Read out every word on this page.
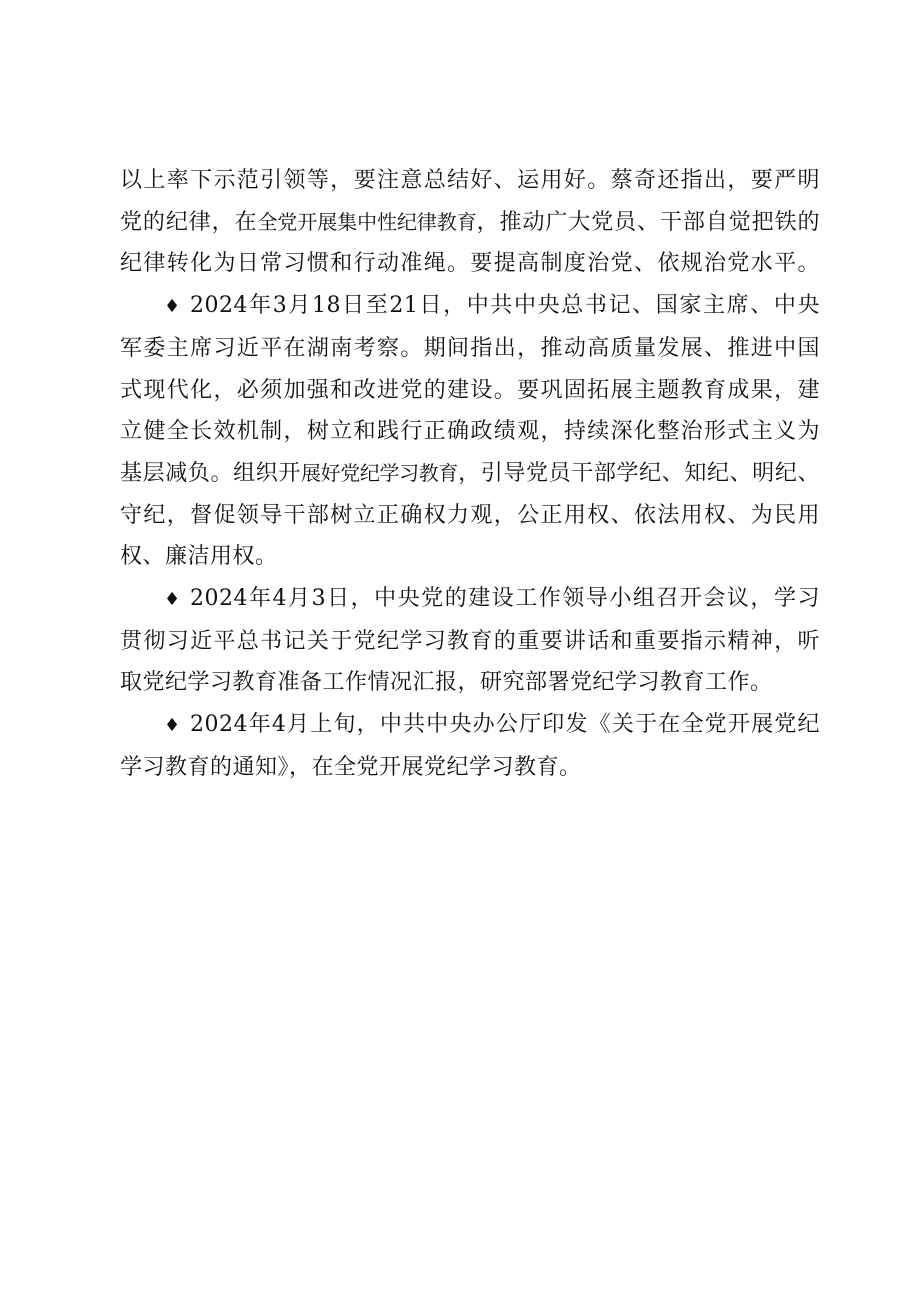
以上率下示范引领等，要注意总结好、运用好。蔡奇还指出，要严明
党的纪律，在全党开展集中性纪律教育，推动广大党员、干部自觉把铁的
纪律转化为日常习惯和行动准绳。要提高制度治党、依规治党水平。

♦ 2024年3月18日至21日，中共中央总书记、国家主席、中央
军委主席习近平在湖南考察。期间指出，推动高质量发展、推进中国
式现代化，必须加强和改进党的建设。要巩固拓展主题教育成果，建
立健全长效机制，树立和践行正确政绩观，持续深化整治形式主义为
基层减负。组织开展好党纪学习教育，引导党员干部学纪、知纪、明纪、
守纪，督促领导干部树立正确权力观，公正用权、依法用权、为民用
权、廉洁用权。

♦ 2024年4月3日，中央党的建设工作领导小组召开会议，学习
贯彻习近平总书记关于党纪学习教育的重要讲话和重要指示精神，听
取党纪学习教育准备工作情况汇报，研究部署党纪学习教育工作。

♦ 2024年4月上旬，中共中央办公厅印发《关于在全党开展党纪
学习教育的通知》，在全党开展党纪学习教育。
